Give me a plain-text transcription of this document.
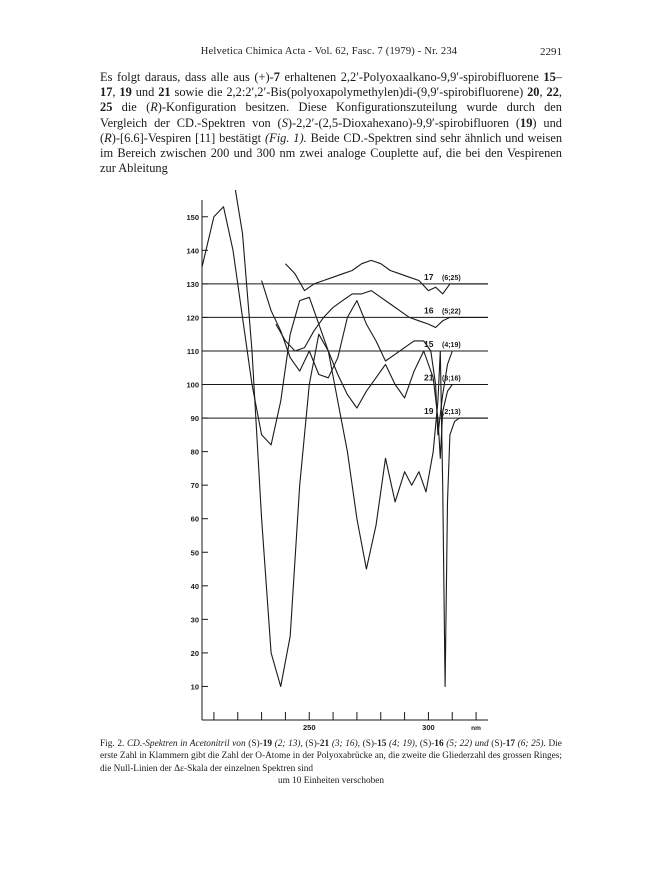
Helvetica Chimica Acta - Vol. 62, Fasc. 7 (1979) - Nr. 234	2291

Es folgt daraus, dass alle aus (+)-7 erhaltenen 2,2′-Polyoxaalkano-9,9′-spirobifluorene 15–17, 19 und 21 sowie die 2,2:2′,2′-Bis(polyoxapolymethylen)di-(9,9′-spirobifluorene) 20, 22, 25 die (R)-Konfiguration besitzen. Diese Konfigurationszuteilung wurde durch den Vergleich der CD.-Spektren von (S)-2,2′-(2,5-Dioxahexano)-9,9′-spirobifluoren (19) und (R)-[6.6]-Vespiren [11] bestätigt (Fig. 1). Beide CD.-Spektren sind sehr ähnlich und weisen im Bereich zwischen 200 und 300 nm zwei analoge Couplette auf, die bei den Vespirenen zur Ableitung

10
20
30
40
50
60
70
80
90
100
110
120
130
140
150
250	300	nm
19 (2;13)
21 (3;16)
15 (4;19)
16 (5;22)
17 (6;25)

Fig. 2. CD.-Spektren in Acetonitril von (S)-19 (2; 13), (S)-21 (3; 16), (S)-15 (4; 19), (S)-16 (5; 22) und (S)-17 (6; 25). Die erste Zahl in Klammern gibt die Zahl der O-Atome in der Polyoxabrücke an, die zweite die Gliederzahl des grossen Ringes; die Null-Linien der Δε-Skala der einzelnen Spektren sind
um 10 Einheiten verschoben
